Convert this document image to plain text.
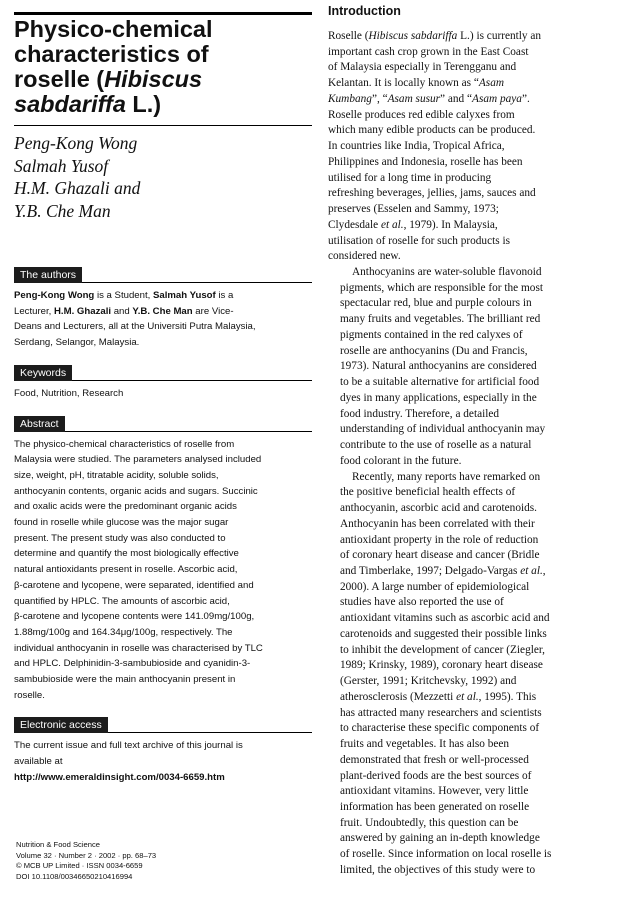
Physico-chemical
characteristics of
roselle (Hibiscus
sabdariffa L.)
Peng-Kong Wong
Salmah Yusof
H.M. Ghazali and
Y.B. Che Man
The authors
Peng-Kong Wong is a Student, Salmah Yusof is a
Lecturer, H.M. Ghazali and Y.B. Che Man are Vice-
Deans and Lecturers, all at the Universiti Putra Malaysia,
Serdang, Selangor, Malaysia.
Keywords
Food, Nutrition, Research
Abstract
The physico-chemical characteristics of roselle from
Malaysia were studied. The parameters analysed included
size, weight, pH, titratable acidity, soluble solids,
anthocyanin contents, organic acids and sugars. Succinic
and oxalic acids were the predominant organic acids
found in roselle while glucose was the major sugar
present. The present study was also conducted to
determine and quantify the most biologically effective
natural antioxidants present in roselle. Ascorbic acid,
β-carotene and lycopene, were separated, identified and
quantified by HPLC. The amounts of ascorbic acid,
β-carotene and lycopene contents were 141.09mg/100g,
1.88mg/100g and 164.34μg/100g, respectively. The
individual anthocyanin in roselle was characterised by TLC
and HPLC. Delphinidin-3-sambubioside and cyanidin-3-
sambubioside were the main anthocyanin present in
roselle.
Electronic access
The current issue and full text archive of this journal is
available at
http://www.emeraldinsight.com/0034-6659.htm
Nutrition & Food Science
Volume 32 · Number 2 · 2002 · pp. 68–73
© MCB UP Limited · ISSN 0034-6659
DOI 10.1108/00346650210416994
Introduction
Roselle (Hibiscus sabdariffa L.) is currently an
important cash crop grown in the East Coast
of Malaysia especially in Terengganu and
Kelantan. It is locally known as “Asam
Kumbang”, “Asam susur” and “Asam paya”.
Roselle produces red edible calyxes from
which many edible products can be produced.
In countries like India, Tropical Africa,
Philippines and Indonesia, roselle has been
utilised for a long time in producing
refreshing beverages, jellies, jams, sauces and
preserves (Esselen and Sammy, 1973;
Clydesdale et al., 1979). In Malaysia,
utilisation of roselle for such products is
considered new.
Anthocyanins are water-soluble flavonoid
pigments, which are responsible for the most
spectacular red, blue and purple colours in
many fruits and vegetables. The brilliant red
pigments contained in the red calyxes of
roselle are anthocyanins (Du and Francis,
1973). Natural anthocyanins are considered
to be a suitable alternative for artificial food
dyes in many applications, especially in the
food industry. Therefore, a detailed
understanding of individual anthocyanin may
contribute to the use of roselle as a natural
food colorant in the future.
Recently, many reports have remarked on
the positive beneficial health effects of
anthocyanin, ascorbic acid and carotenoids.
Anthocyanin has been correlated with their
antioxidant property in the role of reduction
of coronary heart disease and cancer (Bridle
and Timberlake, 1997; Delgado-Vargas et al.,
2000). A large number of epidemiological
studies have also reported the use of
antioxidant vitamins such as ascorbic acid and
carotenoids and suggested their possible links
to inhibit the development of cancer (Ziegler,
1989; Krinsky, 1989), coronary heart disease
(Gerster, 1991; Kritchevsky, 1992) and
atherosclerosis (Mezzetti et al., 1995). This
has attracted many researchers and scientists
to characterise these specific components of
fruits and vegetables. It has also been
demonstrated that fresh or well-processed
plant-derived foods are the best sources of
antioxidant vitamins. However, very little
information has been generated on roselle
fruit. Undoubtedly, this question can be
answered by gaining an in-depth knowledge
of roselle. Since information on local roselle is
limited, the objectives of this study were to
